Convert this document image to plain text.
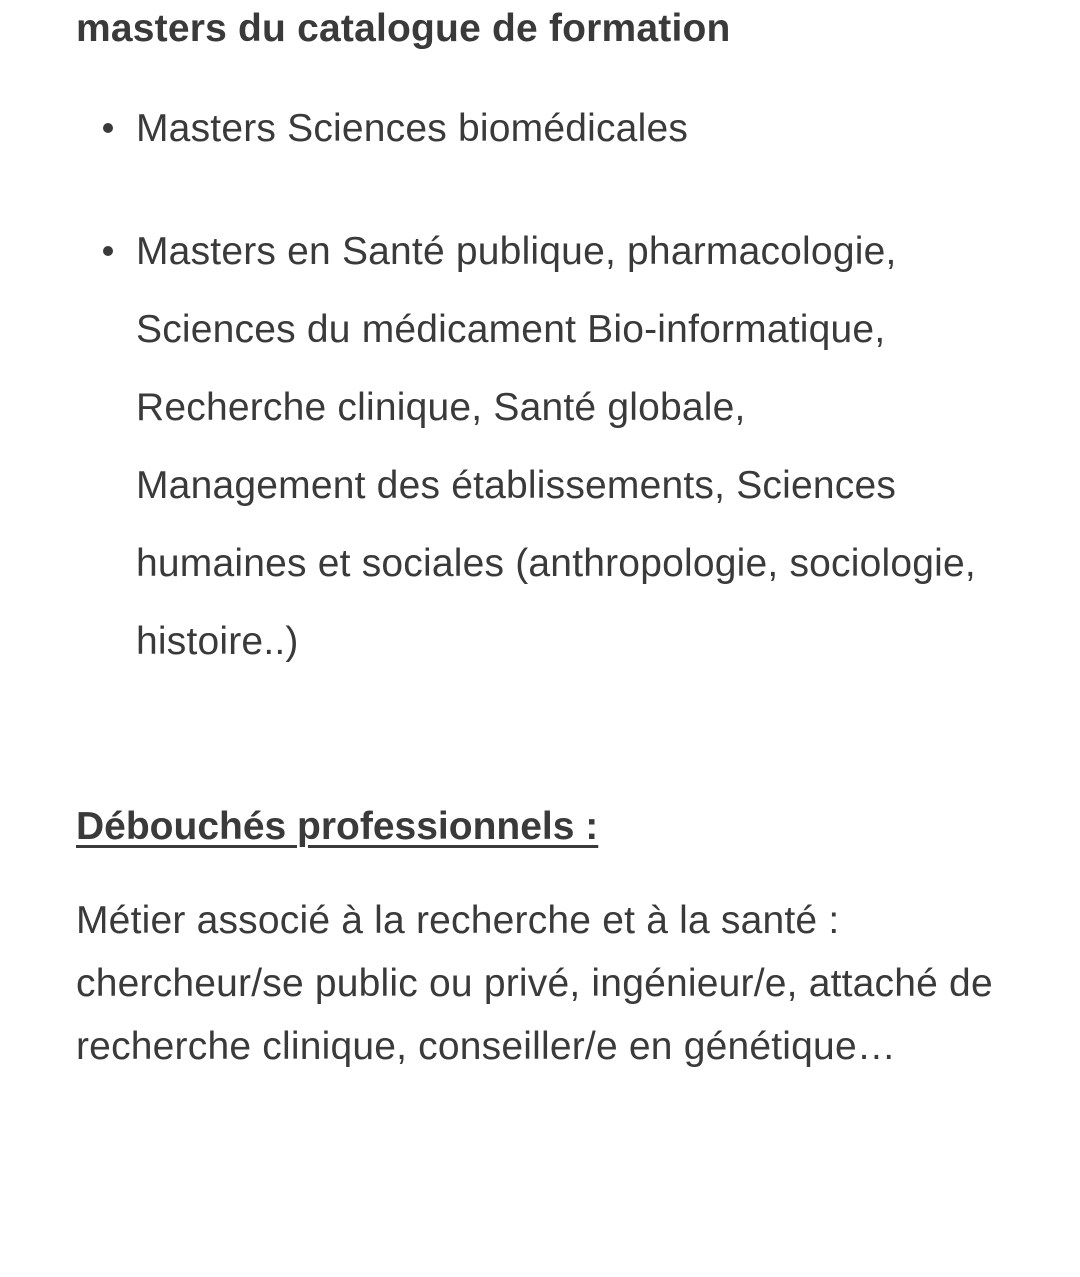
masters du catalogue de formation
Masters Sciences biomédicales
Masters en Santé publique, pharmacologie, Sciences du médicament Bio-informatique, Recherche clinique, Santé globale, Management des établissements, Sciences humaines et sociales (anthropologie, sociologie, histoire..)
Débouchés professionnels :

Métier associé à la recherche et à la santé : chercheur/se public ou privé, ingénieur/e, attaché de recherche clinique, conseiller/e en génétique…
